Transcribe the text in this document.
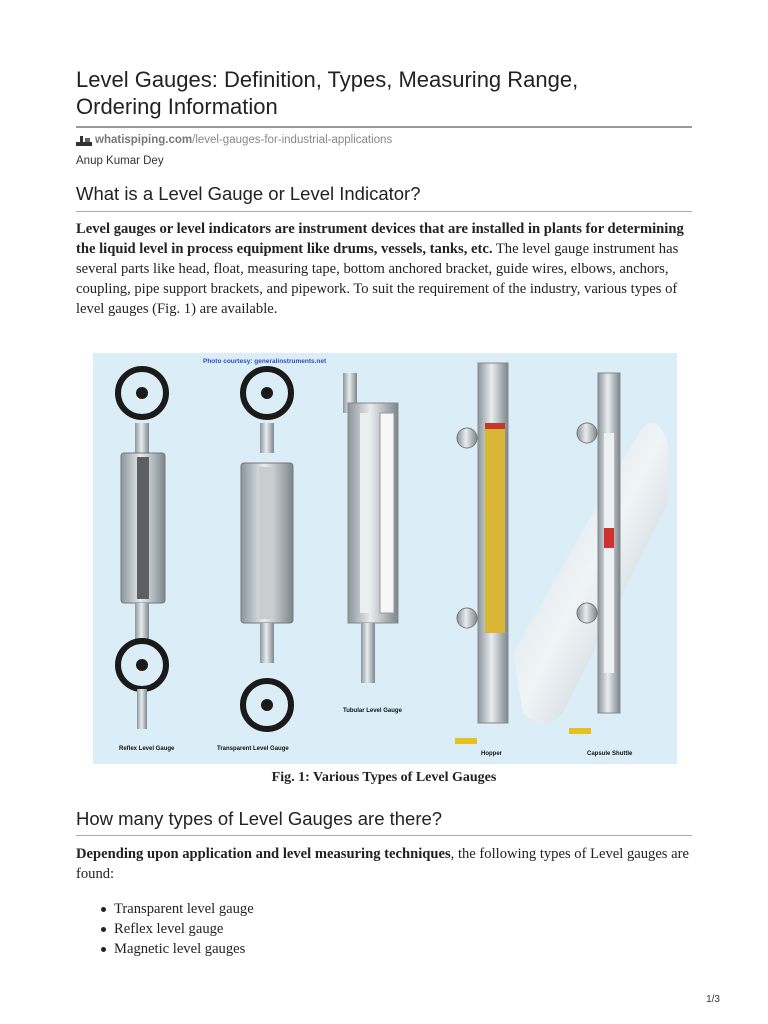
Level Gauges: Definition, Types, Measuring Range,
Ordering Information
whatispiping.com /level-gauges-for-industrial-applications
Anup Kumar Dey
What is a Level Gauge or Level Indicator?

Level gauges or level indicators are instrument devices that are installed in plants for determining the liquid level in process equipment like drums, vessels, tanks, etc. The level gauge instrument has several parts like head, float, measuring tape, bottom anchored bracket, guide wires, elbows, anchors, coupling, pipe support brackets, and pipework. To suit the requirement of the industry, various types of level gauges (Fig. 1) are available.

Photo courtesy: generalinstruments.net
Reflex Level Gauge	Transparent Level Gauge
Tubular Level Gauge
Hopper	Capsule Shuttle
Fig. 1: Various Types of Level Gauges
How many types of Level Gauges are there?

Depending upon application and level measuring techniques, the following types of Level gauges are found:

Transparent level gauge
Reflex level gauge
Magnetic level gauges
1/3
